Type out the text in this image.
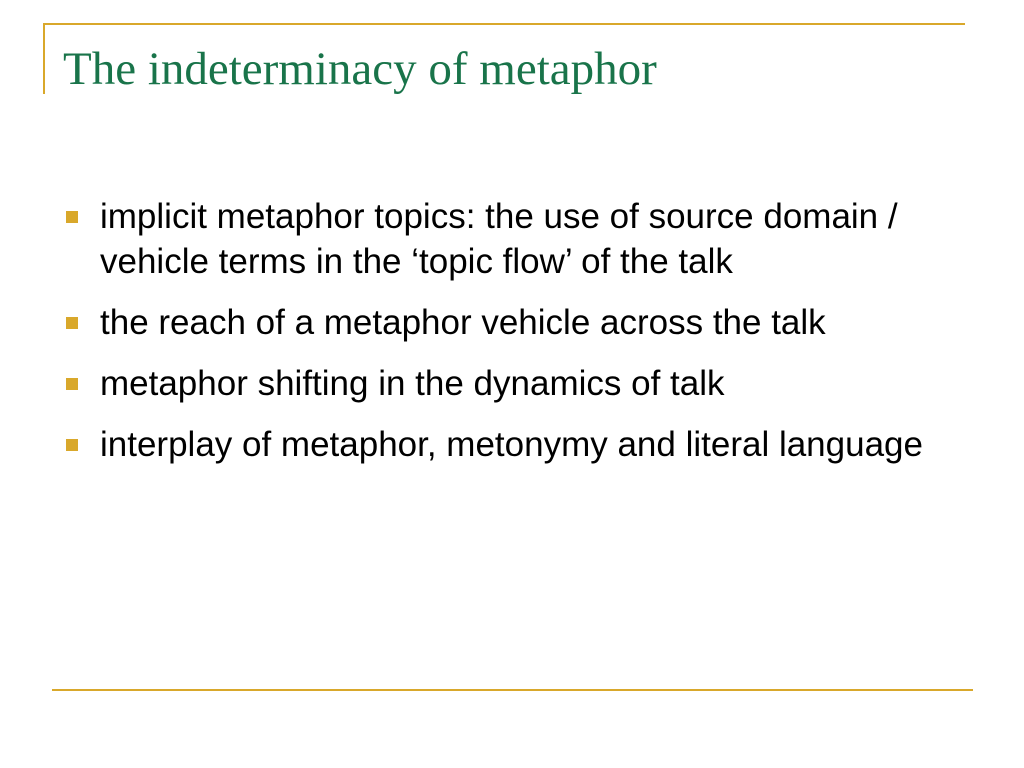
The indeterminacy of metaphor
implicit metaphor topics: the use of source domain / vehicle terms in the ‘topic flow’ of the talk
the reach of a metaphor vehicle across the talk
metaphor shifting in the dynamics of talk
interplay of metaphor, metonymy and literal language
